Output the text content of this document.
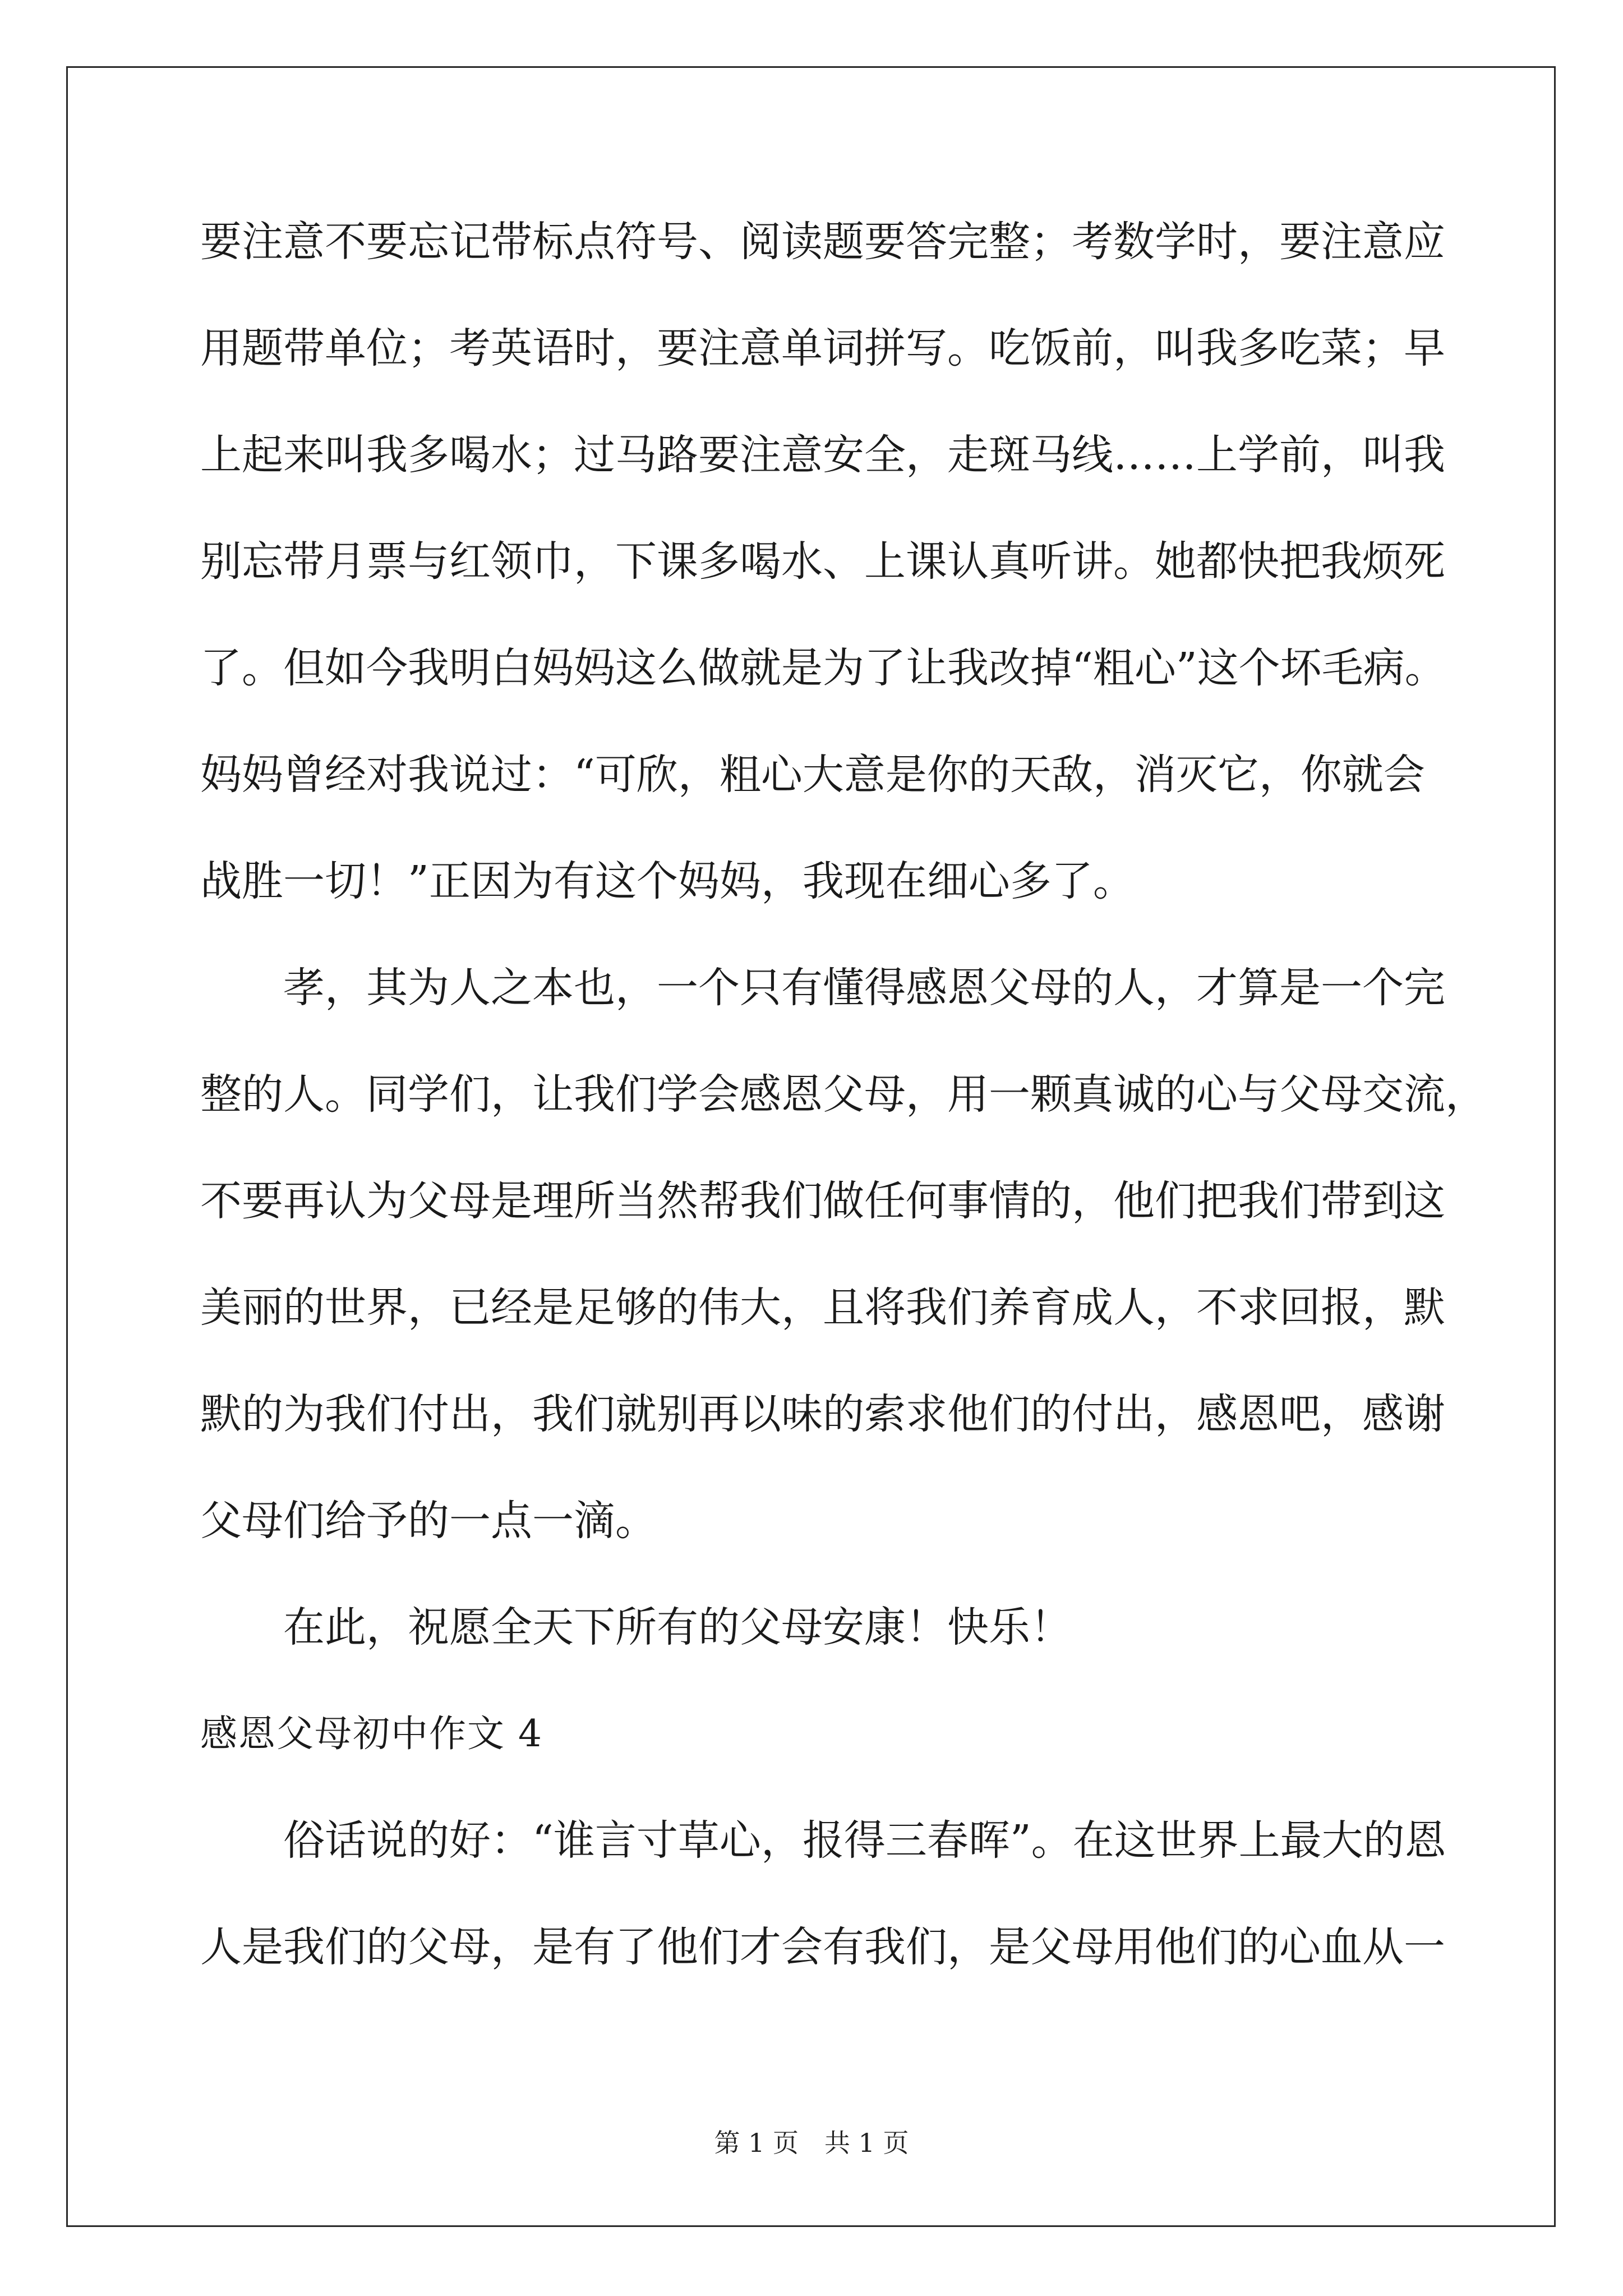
要注意不要忘记带标点符号、阅读题要答完整；考数学时，要注意应
用题带单位；考英语时，要注意单词拼写。吃饭前，叫我多吃菜；早
上起来叫我多喝水；过马路要注意安全，走斑马线……上学前，叫我
别忘带月票与红领巾，下课多喝水、上课认真听讲。她都快把我烦死
了。但如今我明白妈妈这么做就是为了让我改掉“粗心”这个坏毛病。
妈妈曾经对我说过：“可欣，粗心大意是你的天敌，消灭它，你就会
战胜一切！”正因为有这个妈妈，我现在细心多了。
孝，其为人之本也，一个只有懂得感恩父母的人，才算是一个完
整的人。同学们，让我们学会感恩父母，用一颗真诚的心与父母交流，
不要再认为父母是理所当然帮我们做任何事情的，他们把我们带到这
美丽的世界，已经是足够的伟大，且将我们养育成人，不求回报，默
默的为我们付出，我们就别再以味的索求他们的付出，感恩吧，感谢
父母们给予的一点一滴。
在此，祝愿全天下所有的父母安康！快乐！
感恩父母初中作文 4
俗话说的好：“谁言寸草心，报得三春晖”。在这世界上最大的恩
人是我们的父母，是有了他们才会有我们，是父母用他们的心血从一
第 1 页 共 1 页
